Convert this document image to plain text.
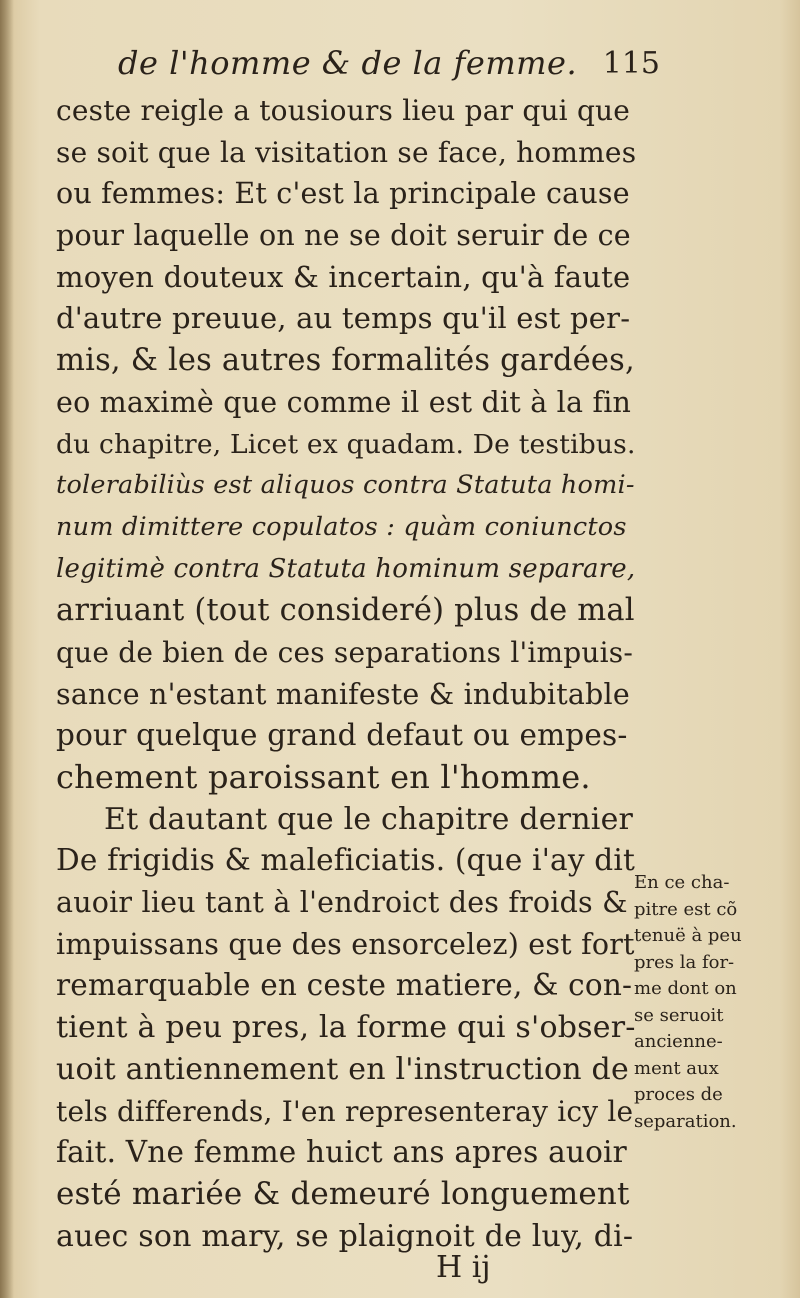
de l'homme & de la femme. 115
ceste reigle a tousiours lieu par qui que
se soit que la visitation se face, hommes
ou femmes: Et c'est la principale cause
pour laquelle on ne se doit seruir de ce
moyen douteux & incertain, qu'à faute
d'autre preuue, au temps qu'il est per-
mis, & les autres formalités gardées,
eo maximè que comme il est dit à la fin
du chapitre, Licet ex quadam. De testibus.
tolerabiliùs est aliquos contra Statuta homi-
num dimittere copulatos : quàm coniunctos
legitimè contra Statuta hominum separare,
arriuant (tout consideré) plus de mal
que de bien de ces separations l'impuis-
sance n'estant manifeste & indubitable
pour quelque grand defaut ou empes-
chement paroissant en l'homme.
Et dautant que le chapitre dernier
De frigidis & maleficiatis. (que i'ay dit
auoir lieu tant à l'endroict des froids &
impuissans que des ensorcelez) est fort
remarquable en ceste matiere, & con-
tient à peu pres, la forme qui s'obser-
uoit antiennement en l'instruction de
tels differends, I'en representeray icy le
fait. Vne femme huict ans apres auoir
esté mariée & demeuré longuement
auec son mary, se plaignoit de luy, di-
En ce cha-
pitre est cõ
tenuë à peu
pres la for-
me dont on
se seruoit
ancienne-
ment aux
proces de
separation.
H ij
